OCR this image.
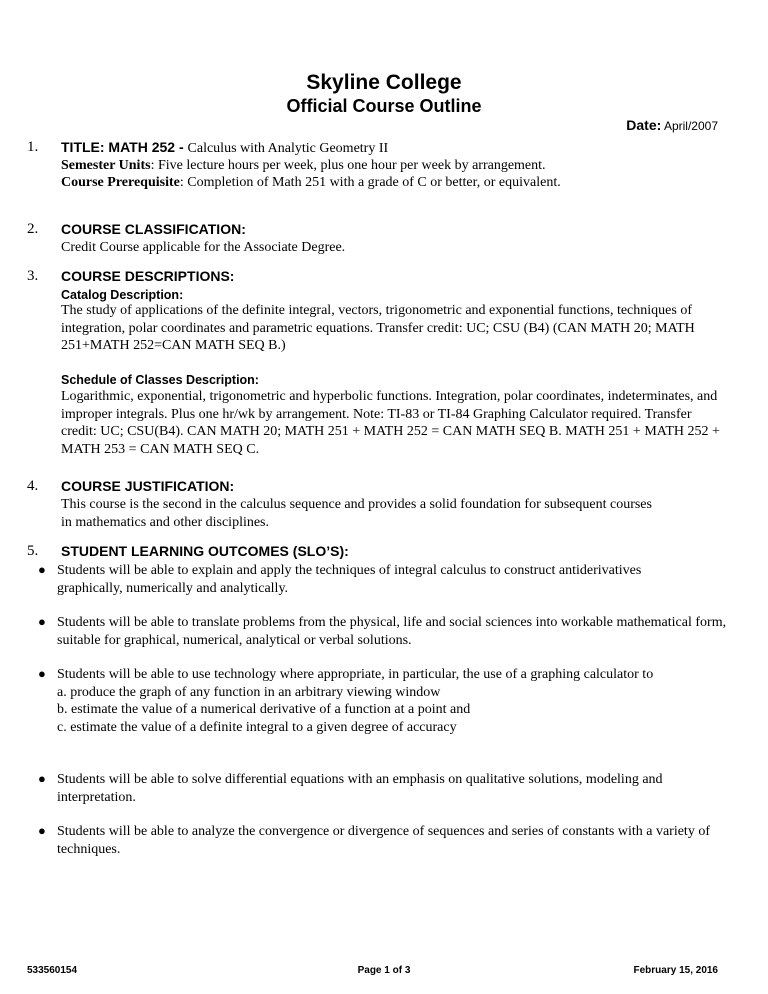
Skyline College
Official Course Outline
Date: April/2007
1. TITLE: MATH 252 - Calculus with Analytic Geometry II
Semester Units: Five lecture hours per week, plus one hour per week by arrangement.
Course Prerequisite: Completion of Math 251 with a grade of C or better, or equivalent.
2. COURSE CLASSIFICATION:
Credit Course applicable for the Associate Degree.
3. COURSE DESCRIPTIONS:
Catalog Description:
The study of applications of the definite integral, vectors, trigonometric and exponential functions, techniques of integration, polar coordinates and parametric equations. Transfer credit: UC; CSU (B4) (CAN MATH 20; MATH 251+MATH 252=CAN MATH SEQ B.)
Schedule of Classes Description:
Logarithmic, exponential, trigonometric and hyperbolic functions. Integration, polar coordinates, indeterminates, and improper integrals. Plus one hr/wk by arrangement. Note: TI-83 or TI-84 Graphing Calculator required. Transfer credit: UC; CSU(B4). CAN MATH 20; MATH 251 + MATH 252 = CAN MATH SEQ B. MATH 251 + MATH 252 + MATH 253 = CAN MATH SEQ C.
4. COURSE JUSTIFICATION:
This course is the second in the calculus sequence and provides a solid foundation for subsequent courses in mathematics and other disciplines.
5. STUDENT LEARNING OUTCOMES (SLO’S):
● Students will be able to explain and apply the techniques of integral calculus to construct antiderivatives graphically, numerically and analytically.
● Students will be able to translate problems from the physical, life and social sciences into workable mathematical form, suitable for graphical, numerical, analytical or verbal solutions.
● Students will be able to use technology where appropriate, in particular, the use of a graphing calculator to
a. produce the graph of any function in an arbitrary viewing window
b. estimate the value of a numerical derivative of a function at a point and
c. estimate the value of a definite integral to a given degree of accuracy
● Students will be able to solve differential equations with an emphasis on qualitative solutions, modeling and interpretation.
● Students will be able to analyze the convergence or divergence of sequences and series of constants with a variety of techniques.
533560154	Page 1 of 3	February 15, 2016
